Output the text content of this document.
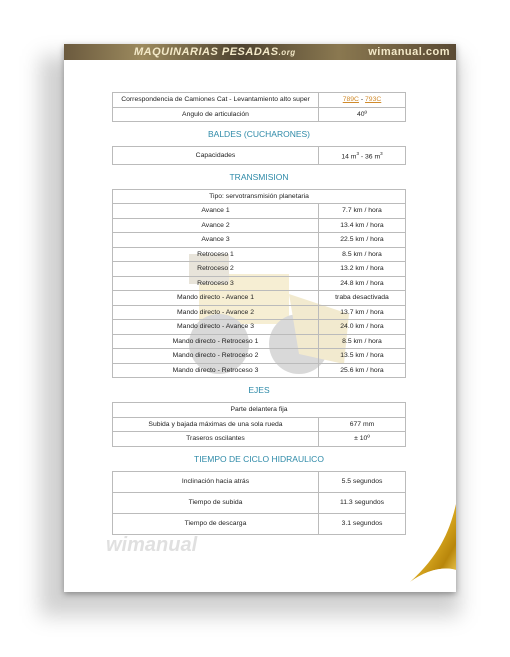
MAQUINARIAS PESADAS.org	wimanual.com
wimanual
Correspondencia de Camiones Cat - Levantamiento alto super	789C - 793C
Angulo de articulación	40º
BALDES (CUCHARONES)
Capacidades	14 $m^3 - 36$ $m^3$
TRANSMISION
Tipo: servotransmisión planetaria	
Avance 1	7.7 km / hora
Avance 2	13.4 km / hora
Avance 3	22.5 km / hora
Retroceso 1	8.5 km / hora
Retroceso 2	13.2 km / hora
Retroceso 3	24.8 km / hora
Mando directo - Avance 1	traba desactivada
Mando directo - Avance 2	13.7 km / hora
Mando directo - Avance 3	24.0 km / hora
Mando directo - Retroceso 1	8.5 km / hora
Mando directo - Retroceso 2	13.5 km / hora
Mando directo - Retroceso 3	25.6 km / hora
EJES
Parte delantera fija	
Subida y bajada máximas de una sola rueda	677 mm
Traseros oscilantes	± 10º
TIEMPO DE CICLO HIDRAULICO
Inclinación hacia atrás	5.5 segundos
Tiempo de subida	11.3 segundos
Tiempo de descarga	3.1 segundos
